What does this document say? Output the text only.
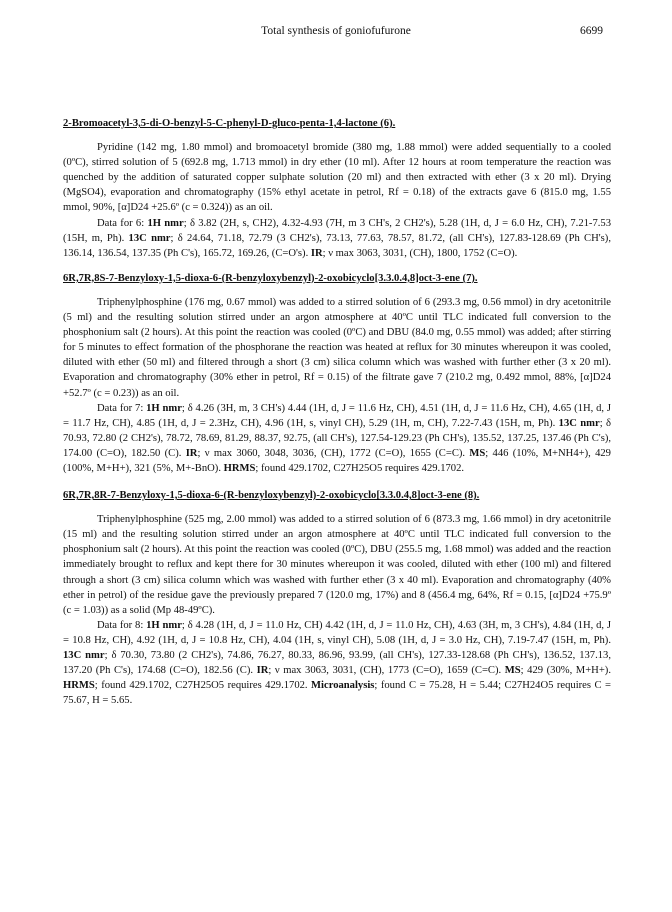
Total synthesis of goniofufurone	6699
2-Bromoacetyl-3,5-di-O-benzyl-5-C-phenyl-D-gluco-penta-1,4-lactone (6).

Pyridine (142 mg, 1.80 mmol) and bromoacetyl bromide (380 mg, 1.88 mmol) were added sequentially to a cooled (0ºC), stirred solution of 5 (692.8 mg, 1.713 mmol) in dry ether (10 ml). After 12 hours at room temperature the reaction was quenched by the addition of saturated copper sulphate solution (20 ml) and then extracted with ether (3 x 20 ml). Drying (MgSO4), evaporation and chromatography (15% ethyl acetate in petrol, Rf = 0.18) of the extracts gave 6 (815.0 mg, 1.55 mmol, 90%, [α]D24 +25.6º (c = 0.324)) as an oil.

Data for 6: 1H nmr; δ 3.82 (2H, s, CH2), 4.32-4.93 (7H, m 3 CH's, 2 CH2's), 5.28 (1H, d, J = 6.0 Hz, CH), 7.21-7.53 (15H, m, Ph). 13C nmr; δ 24.64, 71.18, 72.79 (3 CH2's), 73.13, 77.63, 78.57, 81.72, (all CH's), 127.83-128.69 (Ph CH's), 136.14, 136.54, 137.35 (Ph C's), 165.72, 169.26, (C=O's). IR; ν max 3063, 3031, (CH), 1800, 1752 (C=O).

6R,7R,8S-7-Benzyloxy-1,5-dioxa-6-(R-benzyloxybenzyl)-2-oxobicyclo[3.3.0.4,8]oct-3-ene (7).

Triphenylphosphine (176 mg, 0.67 mmol) was added to a stirred solution of 6 (293.3 mg, 0.56 mmol) in dry acetonitrile (5 ml) and the resulting solution stirred under an argon atmosphere at 40ºC until TLC indicated full conversion to the phosphonium salt (2 hours). At this point the reaction was cooled (0ºC) and DBU (84.0 mg, 0.55 mmol) was added; after stirring for 5 minutes to effect formation of the phosphorane the reaction was heated at reflux for 30 minutes whereupon it was cooled, diluted with ether (50 ml) and filtered through a short (3 cm) silica column which was washed with further ether (3 x 20 ml). Evaporation and chromatography (30% ether in petrol, Rf = 0.15) of the filtrate gave 7 (210.2 mg, 0.492 mmol, 88%, [α]D24 +52.7º (c = 0.23)) as an oil.

Data for 7: 1H nmr; δ 4.26 (3H, m, 3 CH's) 4.44 (1H, d, J = 11.6 Hz, CH), 4.51 (1H, d, J = 11.6 Hz, CH), 4.65 (1H, d, J = 11.7 Hz, CH), 4.85 (1H, d, J = 2.3Hz, CH), 4.96 (1H, s, vinyl CH), 5.29 (1H, m, CH), 7.22-7.43 (15H, m, Ph). 13C nmr; δ 70.93, 72.80 (2 CH2's), 78.72, 78.69, 81.29, 88.37, 92.75, (all CH's), 127.54-129.23 (Ph CH's), 135.52, 137.25, 137.46 (Ph C's), 174.00 (C=O), 182.50 (C). IR; ν max 3060, 3048, 3036, (CH), 1772 (C=O), 1655 (C=C). MS; 446 (10%, M+NH4+), 429 (100%, M+H+), 321 (5%, M+-BnO). HRMS; found 429.1702, C27H25O5 requires 429.1702.

6R,7R,8R-7-Benzyloxy-1,5-dioxa-6-(R-benzyloxybenzyl)-2-oxobicyclo[3.3.0.4,8]oct-3-ene (8).

Triphenylphosphine (525 mg, 2.00 mmol) was added to a stirred solution of 6 (873.3 mg, 1.66 mmol) in dry acetonitrile (15 ml) and the resulting solution stirred under an argon atmosphere at 40ºC until TLC indicated full conversion to the phosphonium salt (2 hours). At this point the reaction was cooled (0ºC), DBU (255.5 mg, 1.68 mmol) was added and the reaction immediately brought to reflux and kept there for 30 minutes whereupon it was cooled, diluted with ether (100 ml) and filtered through a short (3 cm) silica column which was washed with further ether (3 x 40 ml). Evaporation and chromatography (40% ether in petrol) of the residue gave the previously prepared 7 (120.0 mg, 17%) and 8 (456.4 mg, 64%, Rf = 0.15, [α]D24 +75.9º (c = 1.03)) as a solid (Mp 48-49ºC).

Data for 8: 1H nmr; δ 4.28 (1H, d, J = 11.0 Hz, CH) 4.42 (1H, d, J = 11.0 Hz, CH), 4.63 (3H, m, 3 CH's), 4.84 (1H, d, J = 10.8 Hz, CH), 4.92 (1H, d, J = 10.8 Hz, CH), 4.04 (1H, s, vinyl CH), 5.08 (1H, d, J = 3.0 Hz, CH), 7.19-7.47 (15H, m, Ph). 13C nmr; δ 70.30, 73.80 (2 CH2's), 74.86, 76.27, 80.33, 86.96, 93.99, (all CH's), 127.33-128.68 (Ph CH's), 136.52, 137.13, 137.20 (Ph C's), 174.68 (C=O), 182.56 (C). IR; ν max 3063, 3031, (CH), 1773 (C=O), 1659 (C=C). MS; 429 (30%, M+H+). HRMS; found 429.1702, C27H25O5 requires 429.1702. Microanalysis; found C = 75.28, H = 5.44; C27H24O5 requires C = 75.67, H = 5.65.
